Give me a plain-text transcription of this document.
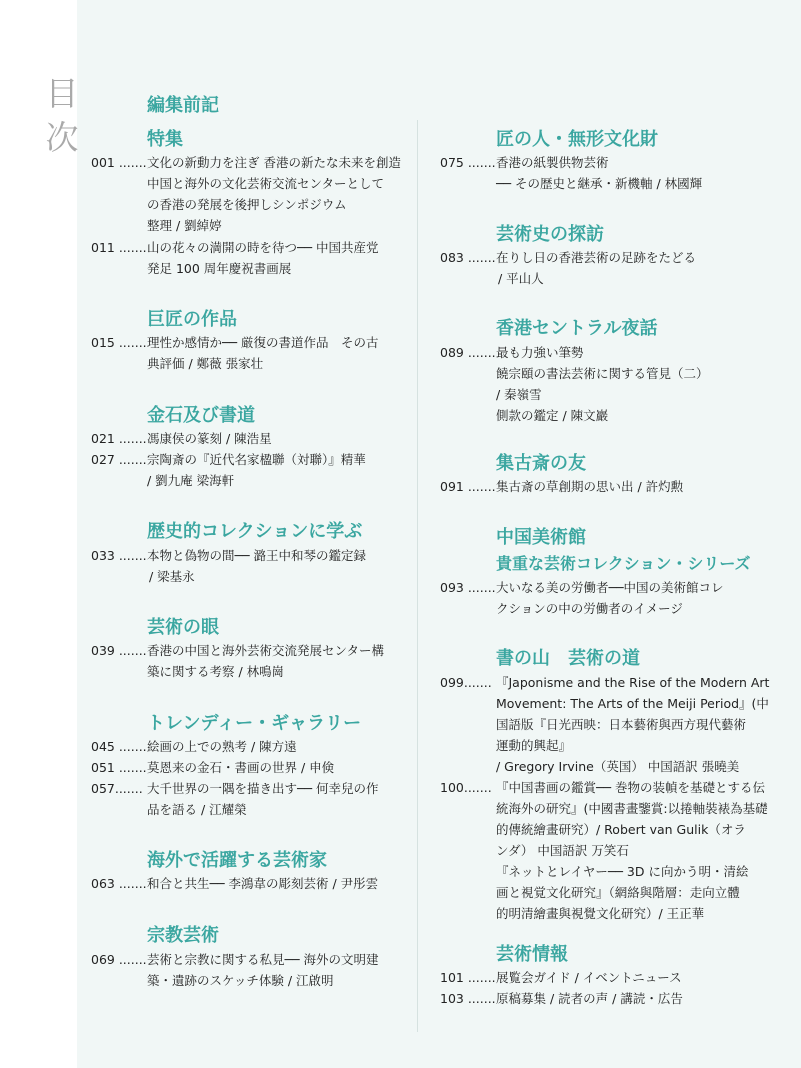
目
次
編集前記
特集
001 ....... 文化の新動力を注ぎ 香港の新たな未来を創造
中国と海外の文化芸術交流センターとして
の香港の発展を後押しシンポジウム
整理 / 劉綽婷
011 ....... 山の花々の満開の時を待つ── 中国共産党
発足 100 周年慶祝書画展
巨匠の作品
015 ....... 理性か感情か── 厳復の書道作品　その古
典評価 / 鄭薇 張家壮
金石及び書道
021 ....... 馮康侯の篆刻 / 陳浩星
027 ....... 宗陶斎の『近代名家楹聯（対聯）』精華
/ 劉九庵 梁海軒
歴史的コレクションに学ぶ
033 ....... 本物と偽物の間── 潞王中和琴の鑑定録
/ 梁基永
芸術の眼
039 ....... 香港の中国と海外芸術交流発展センター構
築に関する考察 / 林鳴崗
トレンディー・ギャラリー
045 ....... 絵画の上での熟考 / 陳方遠
051 ....... 莫恩来の金石・書画の世界 / 申倹
057....... 大千世界の一隅を描き出す── 何幸兒の作
品を語る / 江耀榮
海外で活躍する芸術家
063 ....... 和合と共生── 李鴻韋の彫刻芸術 / 尹彤雲
宗教芸術
069 ....... 芸術と宗教に関する私見── 海外の文明建
築・遺跡のスケッチ体験 / 江啟明
匠の人・無形文化財
075 ....... 香港の紙製供物芸術
── その歴史と継承・新機軸 / 林國輝
芸術史の探訪
083 ....... 在りし日の香港芸術の足跡をたどる
/ 平山人
香港セントラル夜話
089 ....... 最も力強い筆勢
饒宗頤の書法芸術に関する管見（二）
/ 秦嶺雪
側款の鑑定 / 陳文巖
集古斎の友
091 ....... 集古斎の草創期の思い出 / 許灼勲
中国美術館
貴重な芸術コレクション・シリーズ
093 ....... 大いなる美の労働者──中国の美術館コレ
クションの中の労働者のイメージ
書の山　芸術の道
099....... 『Japonisme and the Rise of the Modern Art
Movement: The Arts of the Meiji Period』(中
国語版『日光西映：日本藝術與西方現代藝術
運動的興起』
/ Gregory Irvine（英国） 中国語訳 張曉美
100....... 『中国書画の鑑賞── 巻物の装幀を基礎とする伝
統海外の研究』(中國書畫鑒賞:以捲軸裝裱為基礎
的傳統繪畫研究）/ Robert van Gulik（オラ
ンダ） 中国語訳 万笑石
『ネットとレイヤー── 3D に向かう明・清絵
画と視覚文化研究』（網絡與階層：走向立體
的明清繪畫與視覺文化研究）/ 王正華
芸術情報
101 ....... 展覧会ガイド / イベントニュース
103 ....... 原稿募集 / 読者の声 / 講読・広告
